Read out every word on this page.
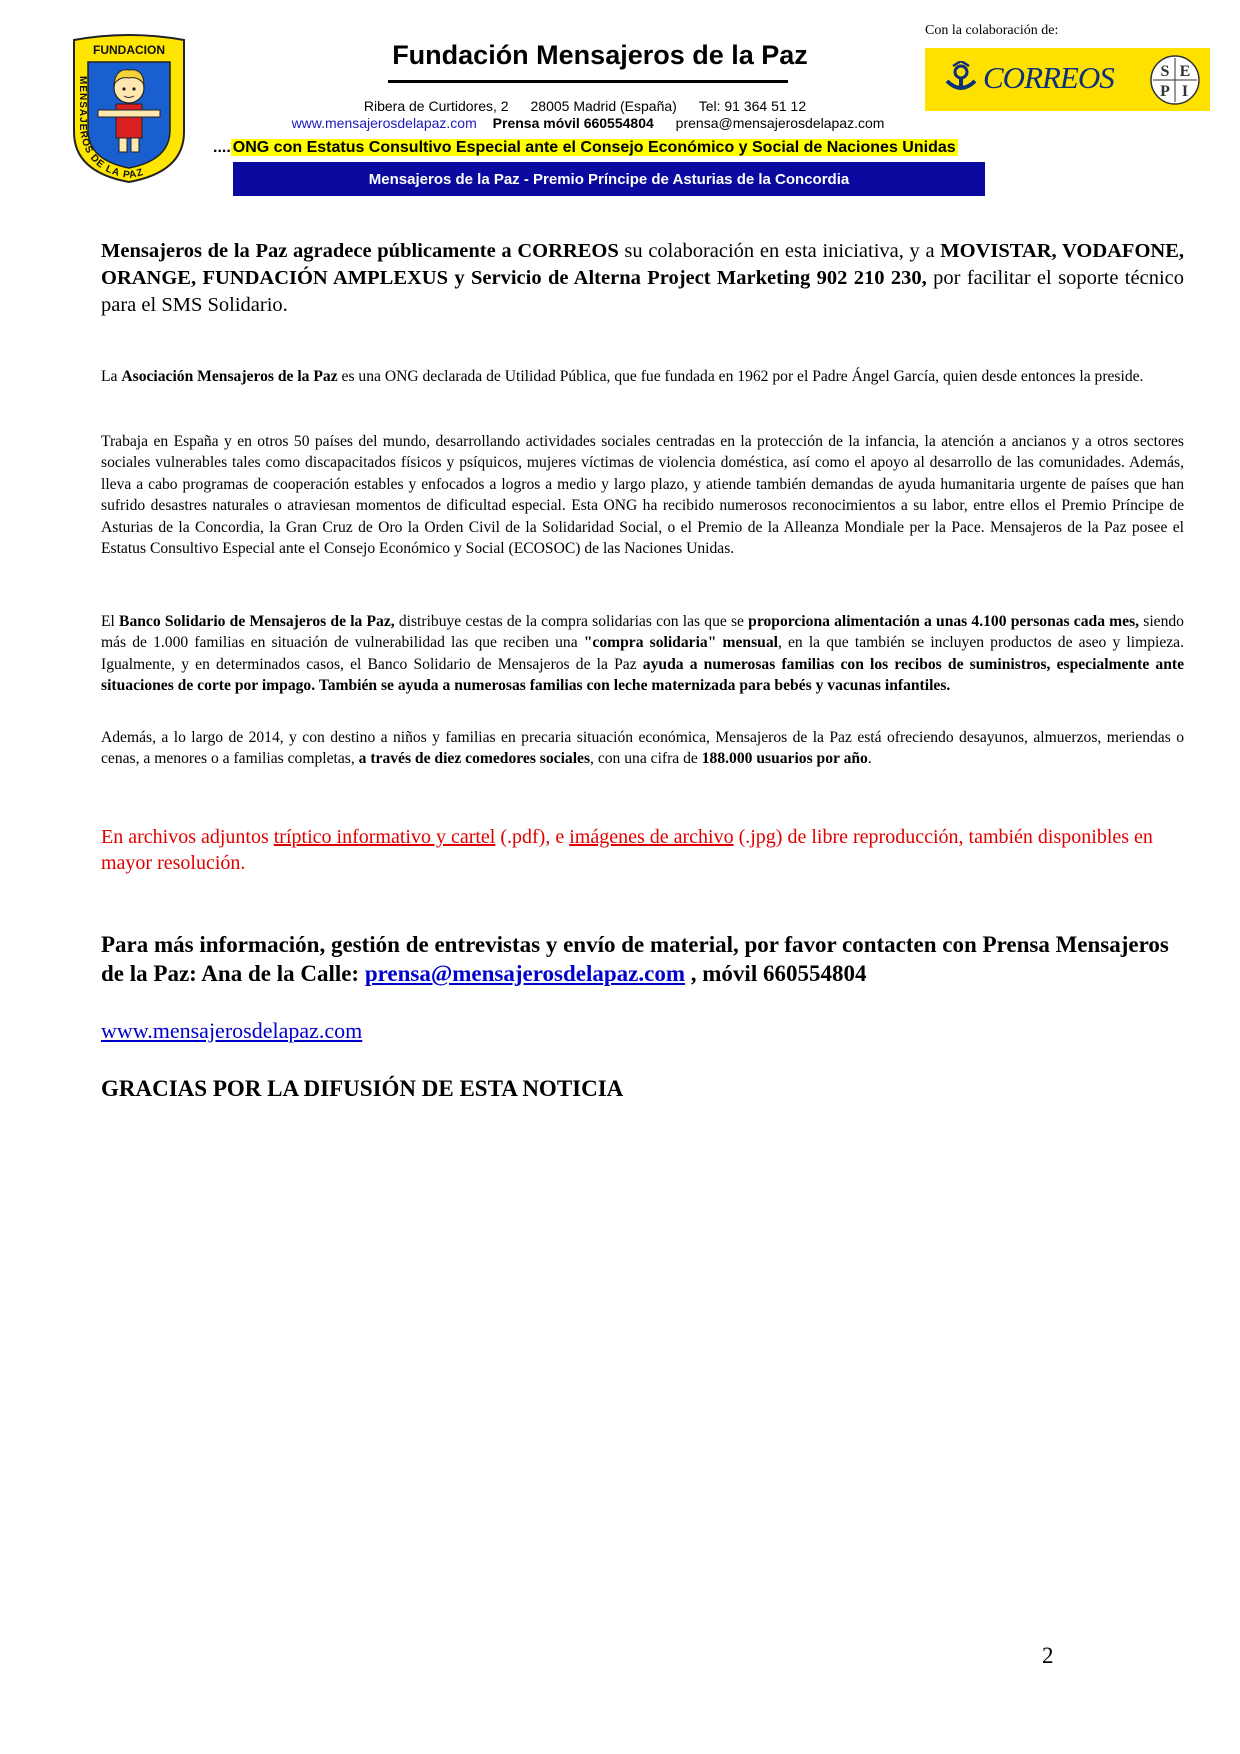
FUNDACION
MENSAJEROS DE LA PAZ
Fundación Mensajeros de la Paz
Ribera de Curtidores, 2 28005 Madrid (España) Tel: 91 364 51 12
www.mensajerosdelapaz.com Prensa móvil 660554804 prensa@mensajerosdelapaz.com
.... ONG con Estatus Consultivo Especial ante el Consejo Económico y Social de Naciones Unidas
Mensajeros de la Paz - Premio Príncipe de Asturias de la Concordia
Con la colaboración de:
CORREOS	S E
P I
Mensajeros de la Paz agradece públicamente a CORREOS su colaboración en esta iniciativa, y a MOVISTAR, VODAFONE, ORANGE, FUNDACIÓN AMPLEXUS y Servicio de Alterna Project Marketing 902 210 230, por facilitar el soporte técnico para el SMS Solidario.
La Asociación Mensajeros de la Paz es una ONG declarada de Utilidad Pública, que fue fundada en 1962 por el Padre Ángel García, quien desde entonces la preside.
Trabaja en España y en otros 50 países del mundo, desarrollando actividades sociales centradas en la protección de la infancia, la atención a ancianos y a otros sectores sociales vulnerables tales como discapacitados físicos y psíquicos, mujeres víctimas de violencia doméstica, así como el apoyo al desarrollo de las comunidades. Además, lleva a cabo programas de cooperación estables y enfocados a logros a medio y largo plazo, y atiende también demandas de ayuda humanitaria urgente de países que han sufrido desastres naturales o atraviesan momentos de dificultad especial. Esta ONG ha recibido numerosos reconocimientos a su labor, entre ellos el Premio Príncipe de Asturias de la Concordia, la Gran Cruz de Oro la Orden Civil de la Solidaridad Social, o el Premio de la Alleanza Mondiale per la Pace. Mensajeros de la Paz posee el Estatus Consultivo Especial ante el Consejo Económico y Social (ECOSOC) de las Naciones Unidas.
El Banco Solidario de Mensajeros de la Paz, distribuye cestas de la compra solidarias con las que se proporciona alimentación a unas 4.100 personas cada mes, siendo más de 1.000 familias en situación de vulnerabilidad las que reciben una "compra solidaria" mensual, en la que también se incluyen productos de aseo y limpieza. Igualmente, y en determinados casos, el Banco Solidario de Mensajeros de la Paz ayuda a numerosas familias con los recibos de suministros, especialmente ante situaciones de corte por impago. También se ayuda a numerosas familias con leche maternizada para bebés y vacunas infantiles.
Además, a lo largo de 2014, y con destino a niños y familias en precaria situación económica, Mensajeros de la Paz está ofreciendo desayunos, almuerzos, meriendas o cenas, a menores o a familias completas, a través de diez comedores sociales, con una cifra de 188.000 usuarios por año.
En archivos adjuntos tríptico informativo y cartel (.pdf), e imágenes de archivo (.jpg) de libre reproducción, también disponibles en mayor resolución.
Para más información, gestión de entrevistas y envío de material, por favor contacten con Prensa Mensajeros de la Paz: Ana de la Calle: prensa@mensajerosdelapaz.com , móvil 660554804
www.mensajerosdelapaz.com
GRACIAS POR LA DIFUSIÓN DE ESTA NOTICIA
2
